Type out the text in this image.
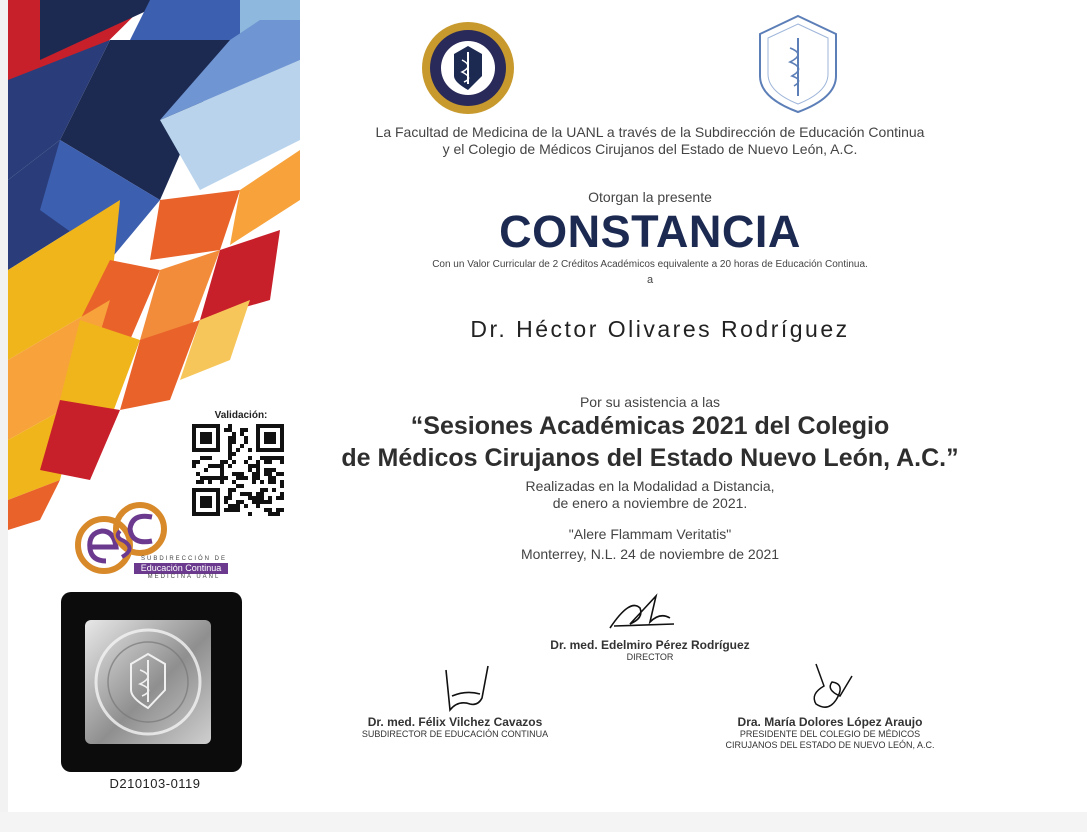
La Facultad de Medicina de la UANL a través de la Subdirección de Educación Continua
y el Colegio de Médicos Cirujanos del Estado de Nuevo León, A.C.
Otorgan la presente
CONSTANCIA
Con un Valor Curricular de 2 Créditos Académicos equivalente a 20 horas de Educación Continua.
a
Dr. Héctor Olivares Rodríguez
Por su asistencia a las
“Sesiones Académicas 2021 del Colegio
de Médicos Cirujanos del Estado Nuevo León, A.C.”
Realizadas en la Modalidad a Distancia,
de enero a noviembre de 2021.
"Alere Flammam Veritatis"
Monterrey, N.L. 24 de noviembre de 2021
Dr. med. Edelmiro Pérez Rodríguez
DIRECTOR
Dr. med. Félix Vilchez Cavazos
SUBDIRECTOR DE EDUCACIÓN CONTINUA
Dra. María Dolores López Araujo
PRESIDENTE DEL COLEGIO DE MÉDICOS
CIRUJANOS DEL ESTADO DE NUEVO LEÓN, A.C.
Validación:
SUBDIRECCIÓN DE
Educación Continua
MEDICINA UANL
D210103-0119
